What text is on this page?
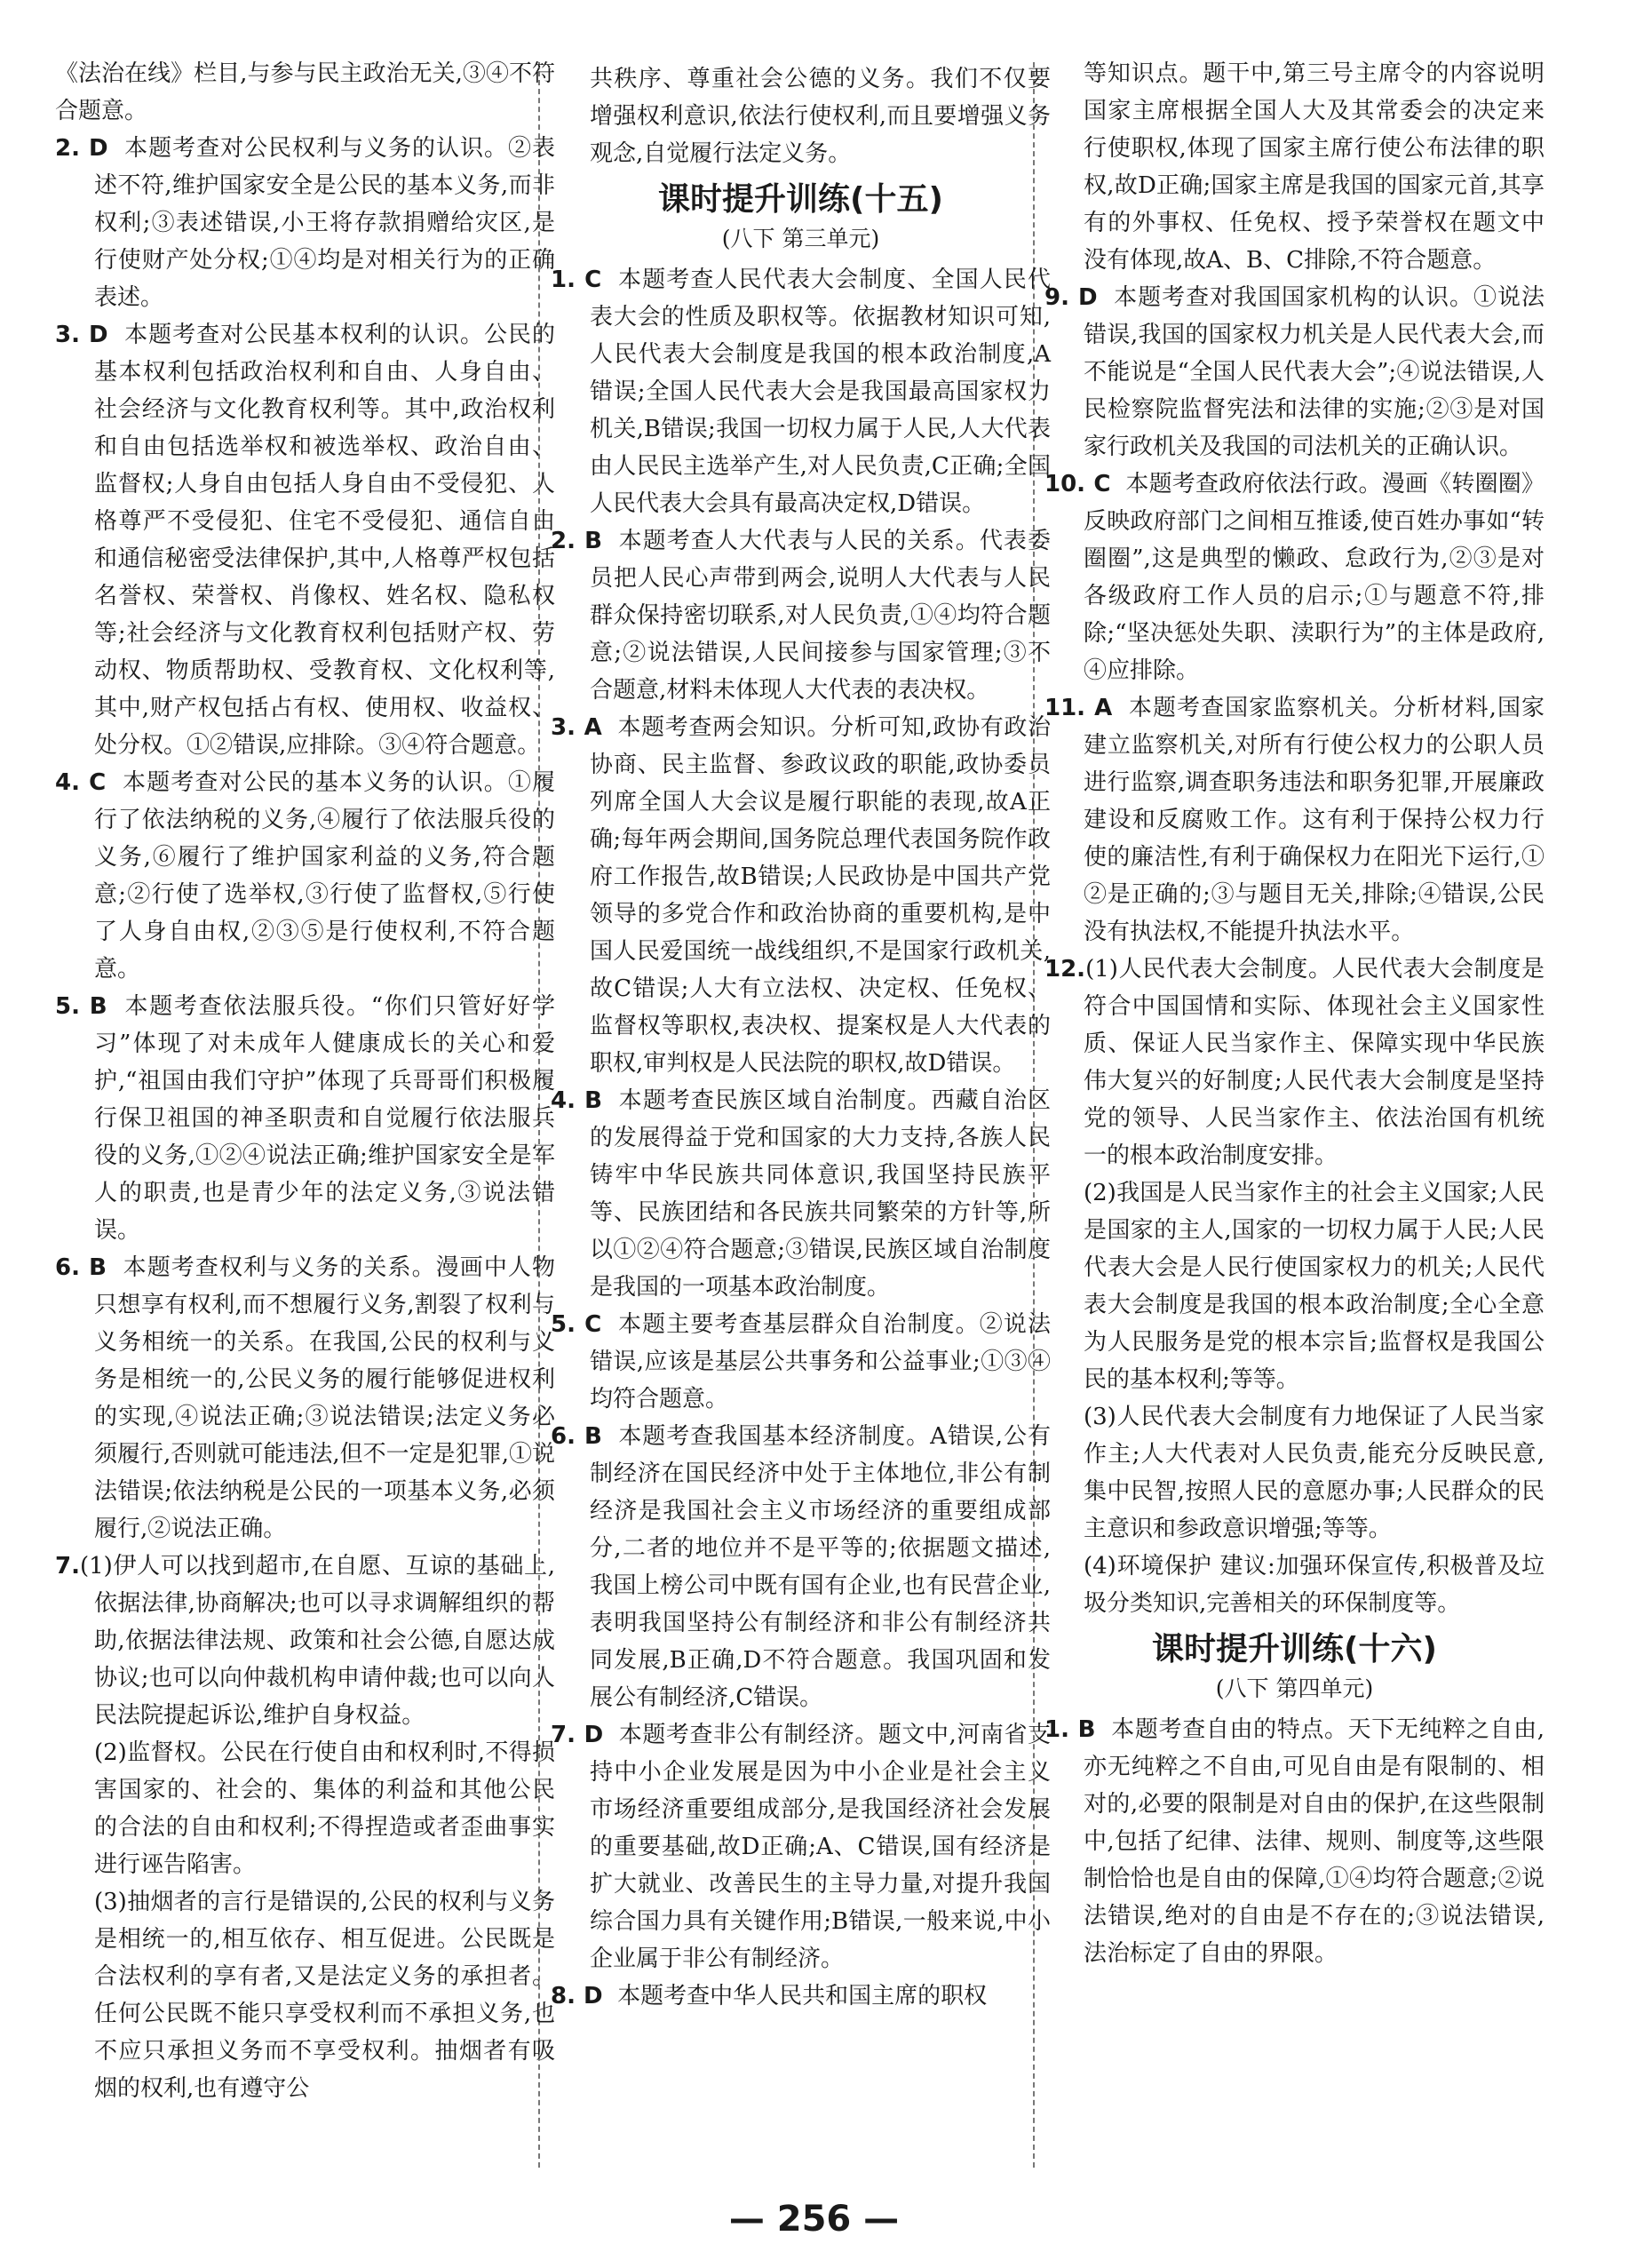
《法治在线》栏目,与参与民主政治无关,③④不符合题意。

2. D 本题考查对公民权利与义务的认识。②表述不符,维护国家安全是公民的基本义务,而非权利;③表述错误,小王将存款捐赠给灾区,是行使财产处分权;①④均是对相关行为的正确表述。

3. D 本题考查对公民基本权利的认识。公民的基本权利包括政治权利和自由、人身自由、社会经济与文化教育权利等。其中,政治权利和自由包括选举权和被选举权、政治自由、监督权;人身自由包括人身自由不受侵犯、人格尊严不受侵犯、住宅不受侵犯、通信自由和通信秘密受法律保护,其中,人格尊严权包括名誉权、荣誉权、肖像权、姓名权、隐私权等;社会经济与文化教育权利包括财产权、劳动权、物质帮助权、受教育权、文化权利等,其中,财产权包括占有权、使用权、收益权、处分权。①②错误,应排除。③④符合题意。

4. C 本题考查对公民的基本义务的认识。①履行了依法纳税的义务,④履行了依法服兵役的义务,⑥履行了维护国家利益的义务,符合题意;②行使了选举权,③行使了监督权,⑤行使了人身自由权,②③⑤是行使权利,不符合题意。

5. B 本题考查依法服兵役。“你们只管好好学习”体现了对未成年人健康成长的关心和爱护,“祖国由我们守护”体现了兵哥哥们积极履行保卫祖国的神圣职责和自觉履行依法服兵役的义务,①②④说法正确;维护国家安全是军人的职责,也是青少年的法定义务,③说法错误。

6. B 本题考查权利与义务的关系。漫画中人物只想享有权利,而不想履行义务,割裂了权利与义务相统一的关系。在我国,公民的权利与义务是相统一的,公民义务的履行能够促进权利的实现,④说法正确;③说法错误;法定义务必须履行,否则就可能违法,但不一定是犯罪,①说法错误;依法纳税是公民的一项基本义务,必须履行,②说法正确。

7.(1)伊人可以找到超市,在自愿、互谅的基础上,依据法律,协商解决;也可以寻求调解组织的帮助,依据法律法规、政策和社会公德,自愿达成协议;也可以向仲裁机构申请仲裁;也可以向人民法院提起诉讼,维护自身权益。

(2)监督权。公民在行使自由和权利时,不得损害国家的、社会的、集体的利益和其他公民的合法的自由和权利;不得捏造或者歪曲事实进行诬告陷害。

(3)抽烟者的言行是错误的,公民的权利与义务是相统一的,相互依存、相互促进。公民既是合法权利的享有者,又是法定义务的承担者。任何公民既不能只享受权利而不承担义务,也不应只承担义务而不享受权利。抽烟者有吸烟的权利,也有遵守公

共秩序、尊重社会公德的义务。我们不仅要增强权利意识,依法行使权利,而且要增强义务观念,自觉履行法定义务。

课时提升训练(十五)
(八下 第三单元)

1. C 本题考查人民代表大会制度、全国人民代表大会的性质及职权等。依据教材知识可知,人民代表大会制度是我国的根本政治制度,A错误;全国人民代表大会是我国最高国家权力机关,B错误;我国一切权力属于人民,人大代表由人民民主选举产生,对人民负责,C正确;全国人民代表大会具有最高决定权,D错误。

2. B 本题考查人大代表与人民的关系。代表委员把人民心声带到两会,说明人大代表与人民群众保持密切联系,对人民负责,①④均符合题意;②说法错误,人民间接参与国家管理;③不合题意,材料未体现人大代表的表决权。

3. A 本题考查两会知识。分析可知,政协有政治协商、民主监督、参政议政的职能,政协委员列席全国人大会议是履行职能的表现,故A正确;每年两会期间,国务院总理代表国务院作政府工作报告,故B错误;人民政协是中国共产党领导的多党合作和政治协商的重要机构,是中国人民爱国统一战线组织,不是国家行政机关,故C错误;人大有立法权、决定权、任免权、监督权等职权,表决权、提案权是人大代表的职权,审判权是人民法院的职权,故D错误。

4. B 本题考查民族区域自治制度。西藏自治区的发展得益于党和国家的大力支持,各族人民铸牢中华民族共同体意识,我国坚持民族平等、民族团结和各民族共同繁荣的方针等,所以①②④符合题意;③错误,民族区域自治制度是我国的一项基本政治制度。

5. C 本题主要考查基层群众自治制度。②说法错误,应该是基层公共事务和公益事业;①③④均符合题意。

6. B 本题考查我国基本经济制度。A错误,公有制经济在国民经济中处于主体地位,非公有制经济是我国社会主义市场经济的重要组成部分,二者的地位并不是平等的;依据题文描述,我国上榜公司中既有国有企业,也有民营企业,表明我国坚持公有制经济和非公有制经济共同发展,B正确,D不符合题意。我国巩固和发展公有制经济,C错误。

7. D 本题考查非公有制经济。题文中,河南省支持中小企业发展是因为中小企业是社会主义市场经济重要组成部分,是我国经济社会发展的重要基础,故D正确;A、C错误,国有经济是扩大就业、改善民生的主导力量,对提升我国综合国力具有关键作用;B错误,一般来说,中小企业属于非公有制经济。

8. D 本题考查中华人民共和国主席的职权

等知识点。题干中,第三号主席令的内容说明国家主席根据全国人大及其常委会的决定来行使职权,体现了国家主席行使公布法律的职权,故D正确;国家主席是我国的国家元首,其享有的外事权、任免权、授予荣誉权在题文中没有体现,故A、B、C排除,不符合题意。

9. D 本题考查对我国国家机构的认识。①说法错误,我国的国家权力机关是人民代表大会,而不能说是“全国人民代表大会”;④说法错误,人民检察院监督宪法和法律的实施;②③是对国家行政机关及我国的司法机关的正确认识。

10. C 本题考查政府依法行政。漫画《转圈圈》反映政府部门之间相互推诿,使百姓办事如“转圈圈”,这是典型的懒政、怠政行为,②③是对各级政府工作人员的启示;①与题意不符,排除;“坚决惩处失职、渎职行为”的主体是政府,④应排除。

11. A 本题考查国家监察机关。分析材料,国家建立监察机关,对所有行使公权力的公职人员进行监察,调查职务违法和职务犯罪,开展廉政建设和反腐败工作。这有利于保持公权力行使的廉洁性,有利于确保权力在阳光下运行,①②是正确的;③与题目无关,排除;④错误,公民没有执法权,不能提升执法水平。

12.(1)人民代表大会制度。人民代表大会制度是符合中国国情和实际、体现社会主义国家性质、保证人民当家作主、保障实现中华民族伟大复兴的好制度;人民代表大会制度是坚持党的领导、人民当家作主、依法治国有机统一的根本政治制度安排。

(2)我国是人民当家作主的社会主义国家;人民是国家的主人,国家的一切权力属于人民;人民代表大会是人民行使国家权力的机关;人民代表大会制度是我国的根本政治制度;全心全意为人民服务是党的根本宗旨;监督权是我国公民的基本权利;等等。

(3)人民代表大会制度有力地保证了人民当家作主;人大代表对人民负责,能充分反映民意,集中民智,按照人民的意愿办事;人民群众的民主意识和参政意识增强;等等。

(4)环境保护 建议:加强环保宣传,积极普及垃圾分类知识,完善相关的环保制度等。

课时提升训练(十六)
(八下 第四单元)

1. B 本题考查自由的特点。天下无纯粹之自由,亦无纯粹之不自由,可见自由是有限制的、相对的,必要的限制是对自由的保护,在这些限制中,包括了纪律、法律、规则、制度等,这些限制恰恰也是自由的保障,①④均符合题意;②说法错误,绝对的自由是不存在的;③说法错误,法治标定了自由的界限。

— 256 —
